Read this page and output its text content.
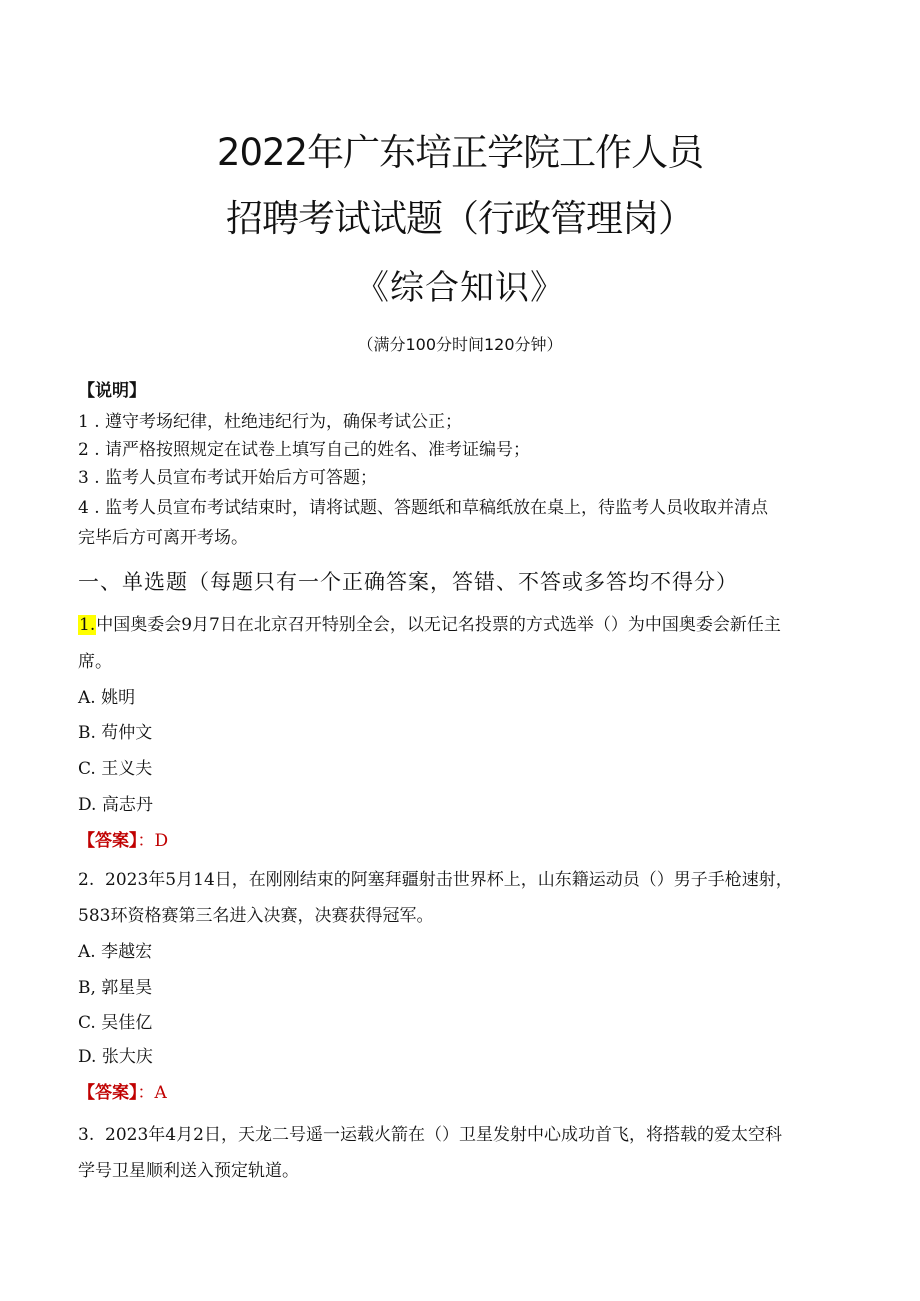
2022年广东培正学院工作人员
招聘考试试题（行政管理岗）
《综合知识》
（满分100分时间120分钟）
【说明】
1 . 遵守考场纪律，杜绝违纪行为，确保考试公正；
2 . 请严格按照规定在试卷上填写自己的姓名、准考证编号；
3 . 监考人员宣布考试开始后方可答题；
4 . 监考人员宣布考试结束时，请将试题、答题纸和草稿纸放在桌上，待监考人员收取并清点
完毕后方可离开考场。
一、单选题（每题只有一个正确答案，答错、不答或多答均不得分）
1.中国奥委会9月7日在北京召开特别全会，以无记名投票的方式选举（）为中国奥委会新任主
席。
A. 姚明
B. 苟仲文
C. 王义夫
D. 高志丹
【答案】：D
2. 2023年5月14日，在刚刚结束的阿塞拜疆射击世界杯上，山东籍运动员（）男子手枪速射，
583环资格赛第三名进入决赛，决赛获得冠军。
A. 李越宏
B, 郭星昊
C. 吴佳亿
D. 张大庆
【答案】：A
3. 2023年4月2日，天龙二号遥一运载火箭在（）卫星发射中心成功首飞，将搭载的爱太空科
学号卫星顺利送入预定轨道。
